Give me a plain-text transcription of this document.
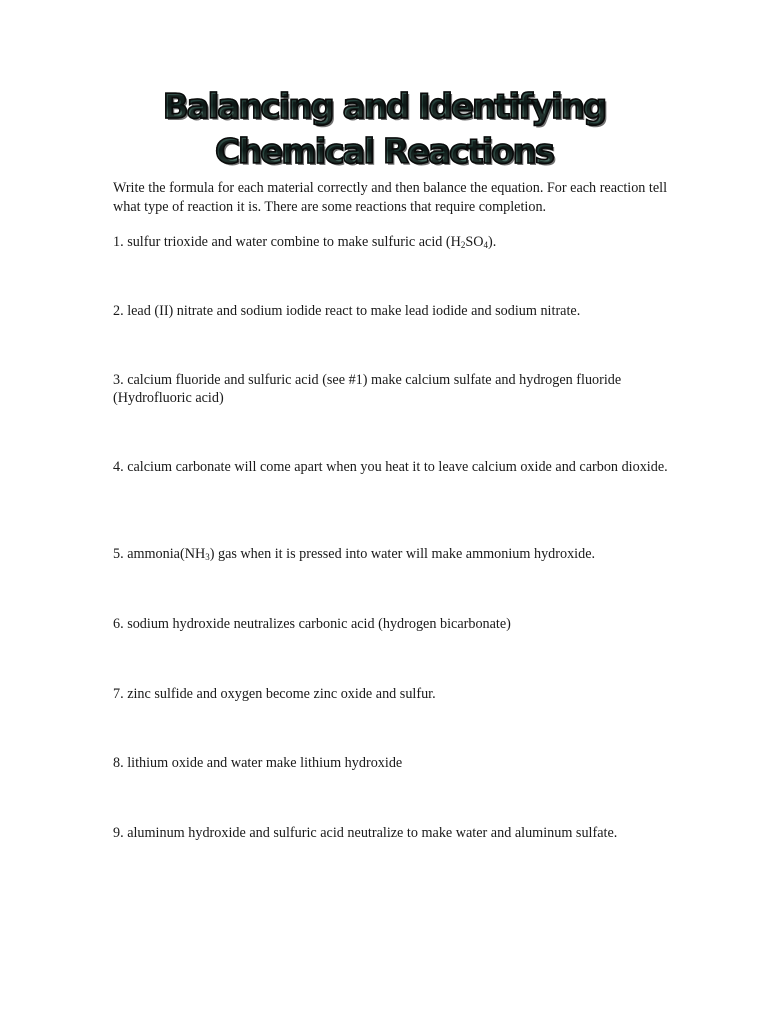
Balancing and Identifying
Chemical Reactions

Write the formula for each material correctly and then balance the equation. For each reaction tell what type of reaction it is. There are some reactions that require completion.

1. sulfur trioxide and water combine to make sulfuric acid $(H_2SO_4)$.

2. lead (II) nitrate and sodium iodide react to make lead iodide and sodium nitrate.

3. calcium fluoride and sulfuric acid (see #1) make calcium sulfate and hydrogen fluoride (Hydrofluoric acid)

4. calcium carbonate will come apart when you heat it to leave calcium oxide and carbon dioxide.

5. $ammonia(NH_3)$ gas when it is pressed into water will make ammonium hydroxide.

6. sodium hydroxide neutralizes carbonic acid (hydrogen bicarbonate)

7. zinc sulfide and oxygen become zinc oxide and sulfur.

8. lithium oxide and water make lithium hydroxide

9. aluminum hydroxide and sulfuric acid neutralize to make water and aluminum sulfate.
